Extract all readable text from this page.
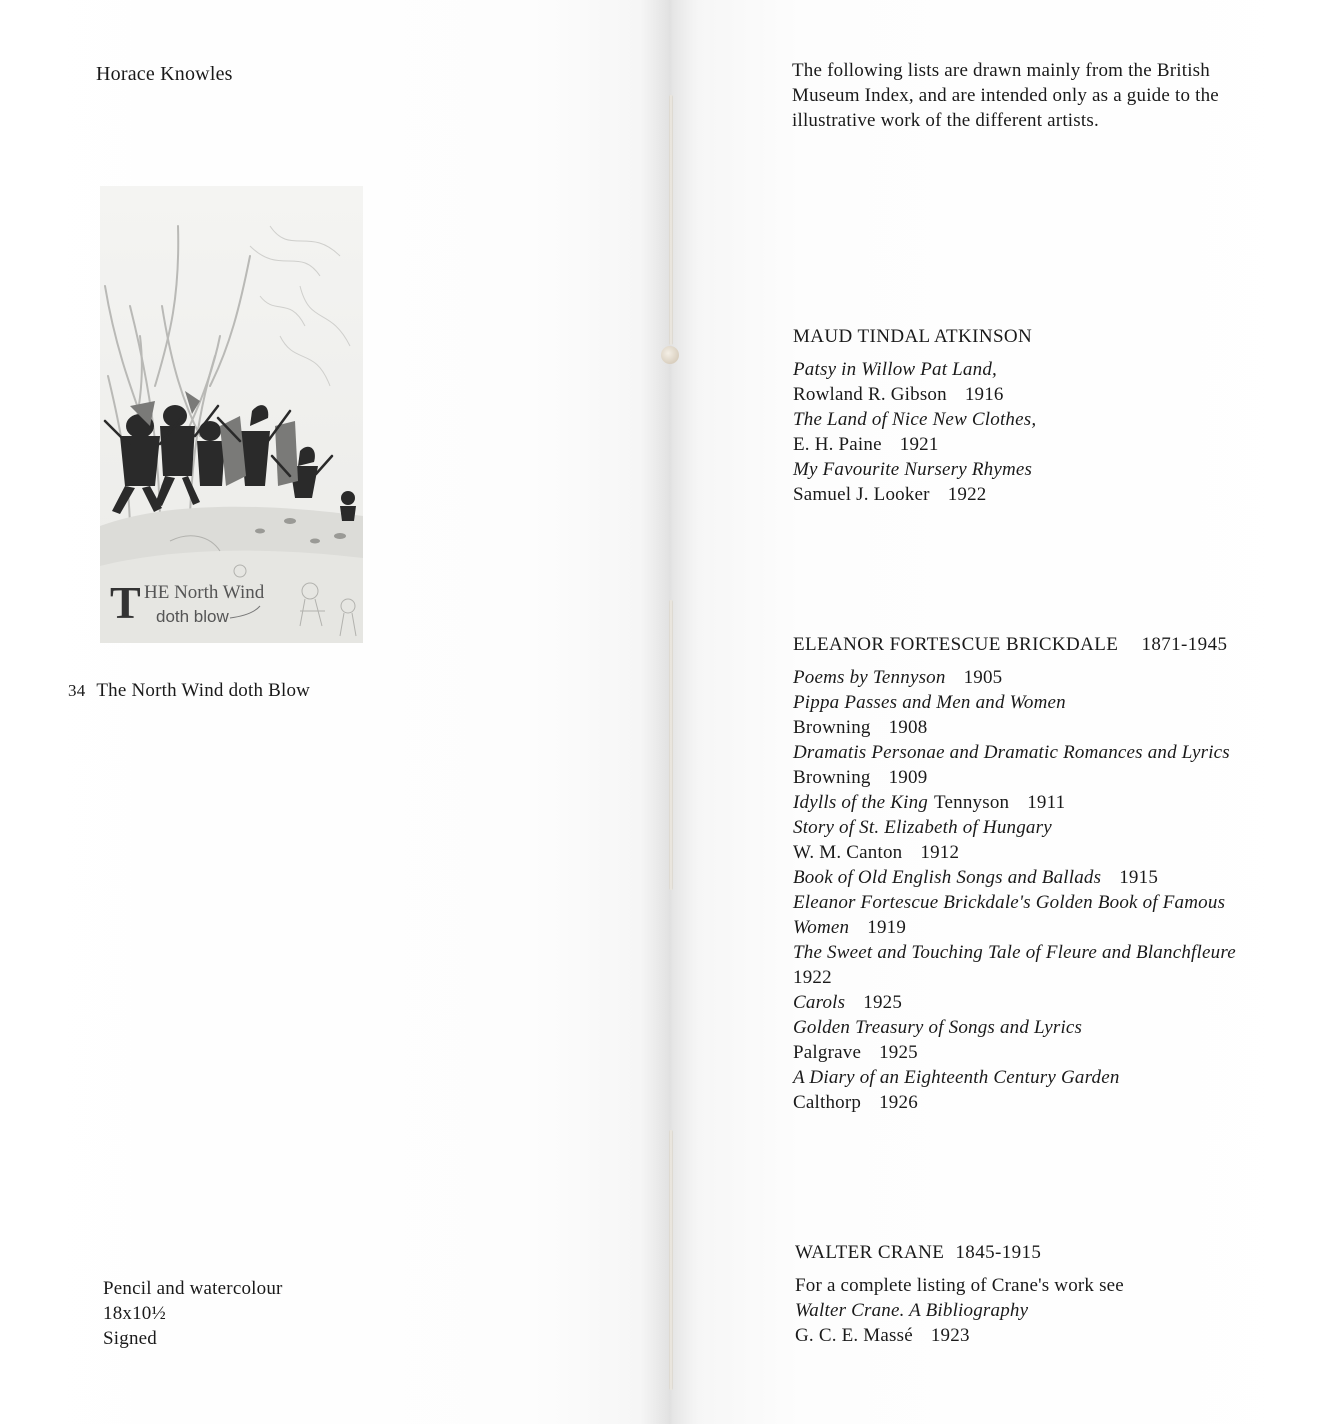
Horace Knowles
T HE North Wind
doth blow
34 The North Wind doth Blow
Pencil and watercolour
18x10½
Signed
The following lists are drawn mainly from the British
Museum Index, and are intended only as a guide to the
illustrative work of the different artists.
MAUD TINDAL ATKINSON
Patsy in Willow Pat Land,
Rowland R. Gibson 1916
The Land of Nice New Clothes,
E. H. Paine 1921
My Favourite Nursery Rhymes
Samuel J. Looker 1922
ELEANOR FORTESCUE BRICKDALE 1871-1945
Poems by Tennyson 1905
Pippa Passes and Men and Women
Browning 1908
Dramatis Personae and Dramatic Romances and Lyrics
Browning 1909
Idylls of the King Tennyson 1911
Story of St. Elizabeth of Hungary
W. M. Canton 1912
Book of Old English Songs and Ballads 1915
Eleanor Fortescue Brickdale's Golden Book of Famous
Women 1919
The Sweet and Touching Tale of Fleure and Blanchfleure
1922
Carols 1925
Golden Treasury of Songs and Lyrics
Palgrave 1925
A Diary of an Eighteenth Century Garden
Calthorp 1926
WALTER CRANE 1845-1915
For a complete listing of Crane's work see
Walter Crane. A Bibliography
G. C. E. Massé 1923
